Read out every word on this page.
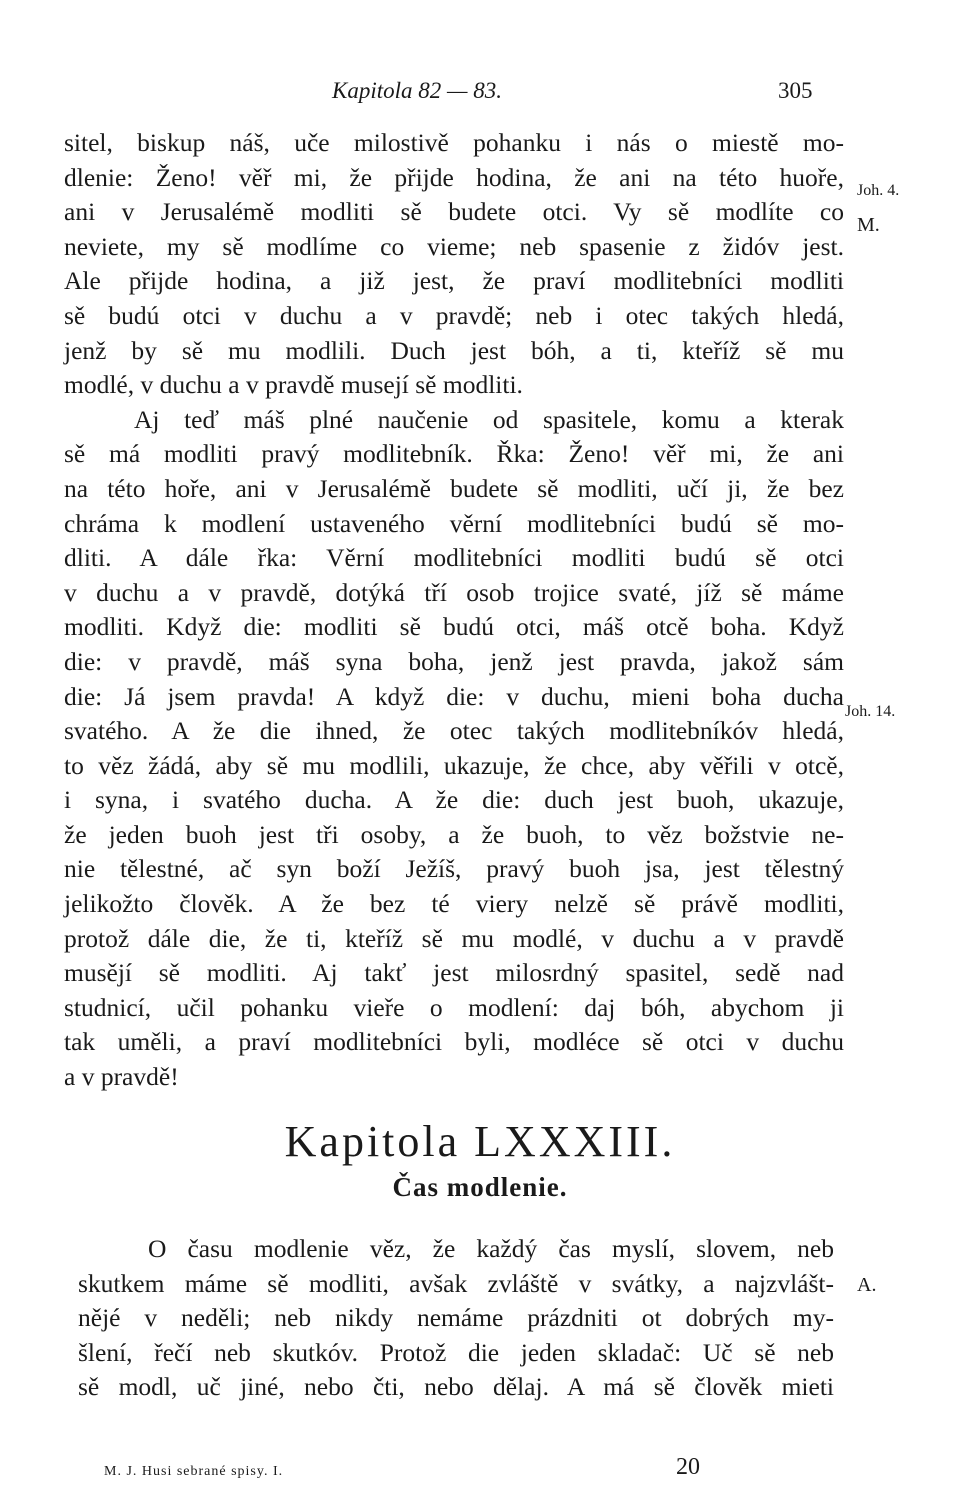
Kapitola 82 — 83.	305
sitel, biskup náš, uče milostivě pohanku i nás o miestě mo-
dlenie: Ženo! věř mi, že přijde hodina, že ani na této huoře,
ani v Jerusalémě modliti sě budete otci. Vy sě modlíte co
neviete, my sě modlíme co vieme; neb spasenie z židóv jest.
Ale přijde hodina, a již jest, že praví modlitebníci modliti
sě budú otci v duchu a v pravdě; neb i otec takých hledá,
jenž by sě mu modlili. Duch jest bóh, a ti, kteříž sě mu
modlé, v duchu a v pravdě musejí sě modliti.
Aj teď máš plné naučenie od spasitele, komu a kterak
sě má modliti pravý modlitebník. Řka: Ženo! věř mi, že ani
na této hoře, ani v Jerusalémě budete sě modliti, učí ji, že bez
chráma k modlení ustaveného věrní modlitebníci budú sě mo-
dliti. A dále řka: Věrní modlitebníci modliti budú sě otci
v duchu a v pravdě, dotýká tří osob trojice svaté, jíž sě máme
modliti. Když die: modliti sě budú otci, máš otcě boha. Když
die: v pravdě, máš syna boha, jenž jest pravda, jakož sám
die: Já jsem pravda! A když die: v duchu, mieni boha ducha
svatého. A že die ihned, že otec takých modlitebníkóv hledá,
to věz žádá, aby sě mu modlili, ukazuje, že chce, aby věřili v otcě,
i syna, i svatého ducha. A že die: duch jest buoh, ukazuje,
že jeden buoh jest tři osoby, a že buoh, to věz božstvie ne-
nie tělestné, ač syn boží Ježíš, pravý buoh jsa, jest tělestný
jelikožto člověk. A že bez té viery nelzě sě právě modliti,
protož dále die, že ti, kteříž sě mu modlé, v duchu a v pravdě
musějí sě modliti. Aj takť jest milosrdný spasitel, sedě nad
studnicí, učil pohanku vieře o modlení: daj bóh, abychom ji
tak uměli, a praví modlitebníci byli, modléce sě otci v duchu
a v pravdě!
Joh. 4.
M.
Joh. 14.
A.
Kapitola LXXXIII.
Čas modlenie.
O času modlenie věz, že každý čas myslí, slovem, neb
skutkem máme sě modliti, avšak zvláště v svátky, a najzvlášt-
nějé v neděli; neb nikdy nemáme prázdniti ot dobrých my-
šlení, řečí neb skutkóv. Protož die jeden skladač: Uč sě neb
sě modl, uč jiné, nebo čti, nebo dělaj. A má sě člověk mieti
M. J. Husi sebrané spisy. I.	20
